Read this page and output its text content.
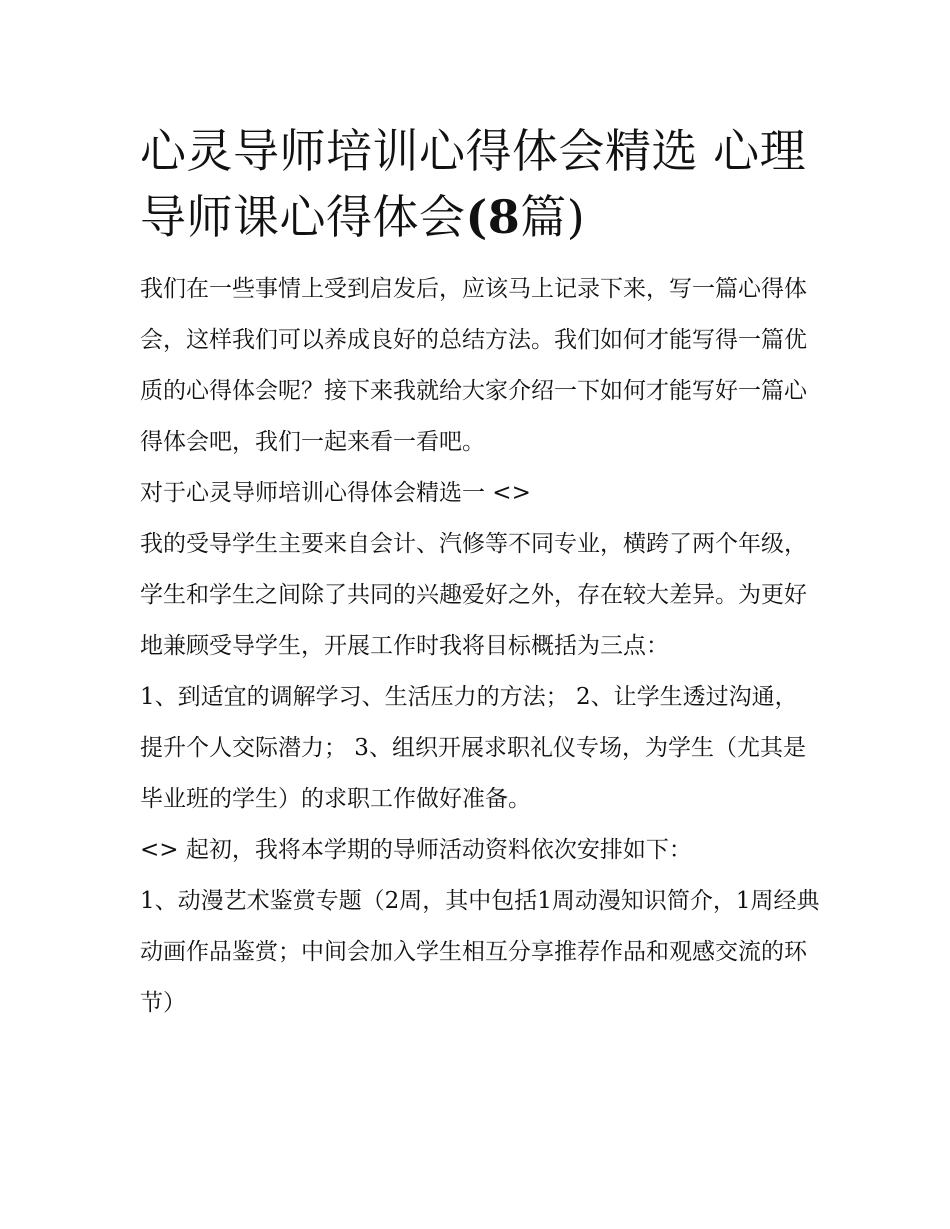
心灵导师培训心得体会精选 心理导师课心得体会(8篇)

我们在一些事情上受到启发后，应该马上记录下来，写一篇心得体会，这样我们可以养成良好的总结方法。我们如何才能写得一篇优质的心得体会呢？接下来我就给大家介绍一下如何才能写好一篇心得体会吧，我们一起来看一看吧。

对于心灵导师培训心得体会精选一 <>

我的受导学生主要来自会计、汽修等不同专业，横跨了两个年级，学生和学生之间除了共同的兴趣爱好之外，存在较大差异。为更好地兼顾受导学生，开展工作时我将目标概括为三点：

1、到适宜的调解学习、生活压力的方法； 2、让学生透过沟通，提升个人交际潜力； 3、组织开展求职礼仪专场，为学生（尤其是毕业班的学生）的求职工作做好准备。

<> 起初，我将本学期的导师活动资料依次安排如下：

1、动漫艺术鉴赏专题（2周，其中包括1周动漫知识简介，1周经典动画作品鉴赏；中间会加入学生相互分享推荐作品和观感交流的环节）
